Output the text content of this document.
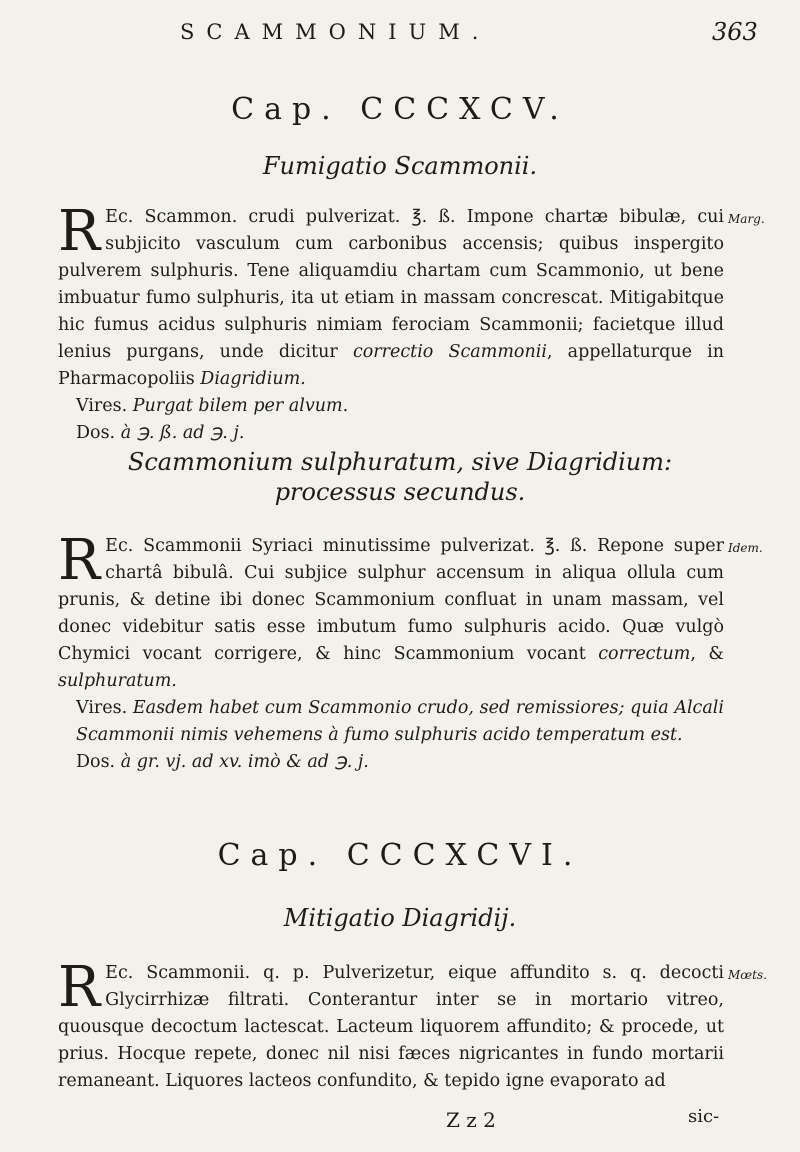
SCAMMONIUM.	363
Cap. CCCXCV.
Fumigatio Scammonii.
Marg.

R Ec. Scammon. crudi pulverizat. ℥. ß. Impone chartæ bibulæ, cui subjicito vasculum cum carbonibus accensis; quibus inspergito pulverem sulphuris. Tene aliquamdiu chartam cum Scammonio, ut bene imbuatur fumo sulphuris, ita ut etiam in massam concrescat. Mitigabitque hic fumus acidus sulphuris nimiam ferociam Scammonii; facietque illud lenius purgans, unde dicitur correctio Scammonii, appellaturque in Pharmacopoliis Diagridium.

Vires. Purgat bilem per alvum.

Dos. à ℈. ß. ad ℈. j.

Scammonium sulphuratum, sive Diagridium:
processus secundus.
Idem.

R Ec. Scammonii Syriaci minutissime pulverizat. ℥. ß. Repone super chartâ bibulâ. Cui subjice sulphur accensum in aliqua ollula cum prunis, & detine ibi donec Scammonium confluat in unam massam, vel donec videbitur satis esse imbutum fumo sulphuris acido. Quæ vulgò Chymici vocant corrigere, & hinc Scammonium vocant correctum, & sulphuratum.

Vires. Easdem habet cum Scammonio crudo, sed remissiores; quia Alcali Scammonii nimis vehemens à fumo sulphuris acido temperatum est.

Dos. à gr. vj. ad xv. imò & ad ℈. j.

Cap. CCCXCVI.
Mitigatio Diagridij.
Mœts.

R Ec. Scammonii. q. p. Pulverizetur, eique affundito s. q. decocti Glycirrhizæ filtrati. Conterantur inter se in mortario vitreo, quousque decoctum lactescat. Lacteum liquorem affundito; & procede, ut prius. Hocque repete, donec nil nisi fæces nigricantes in fundo mortarii remaneant. Liquores lacteos confundito, & tepido igne evaporato ad

Z z 2	sic-
